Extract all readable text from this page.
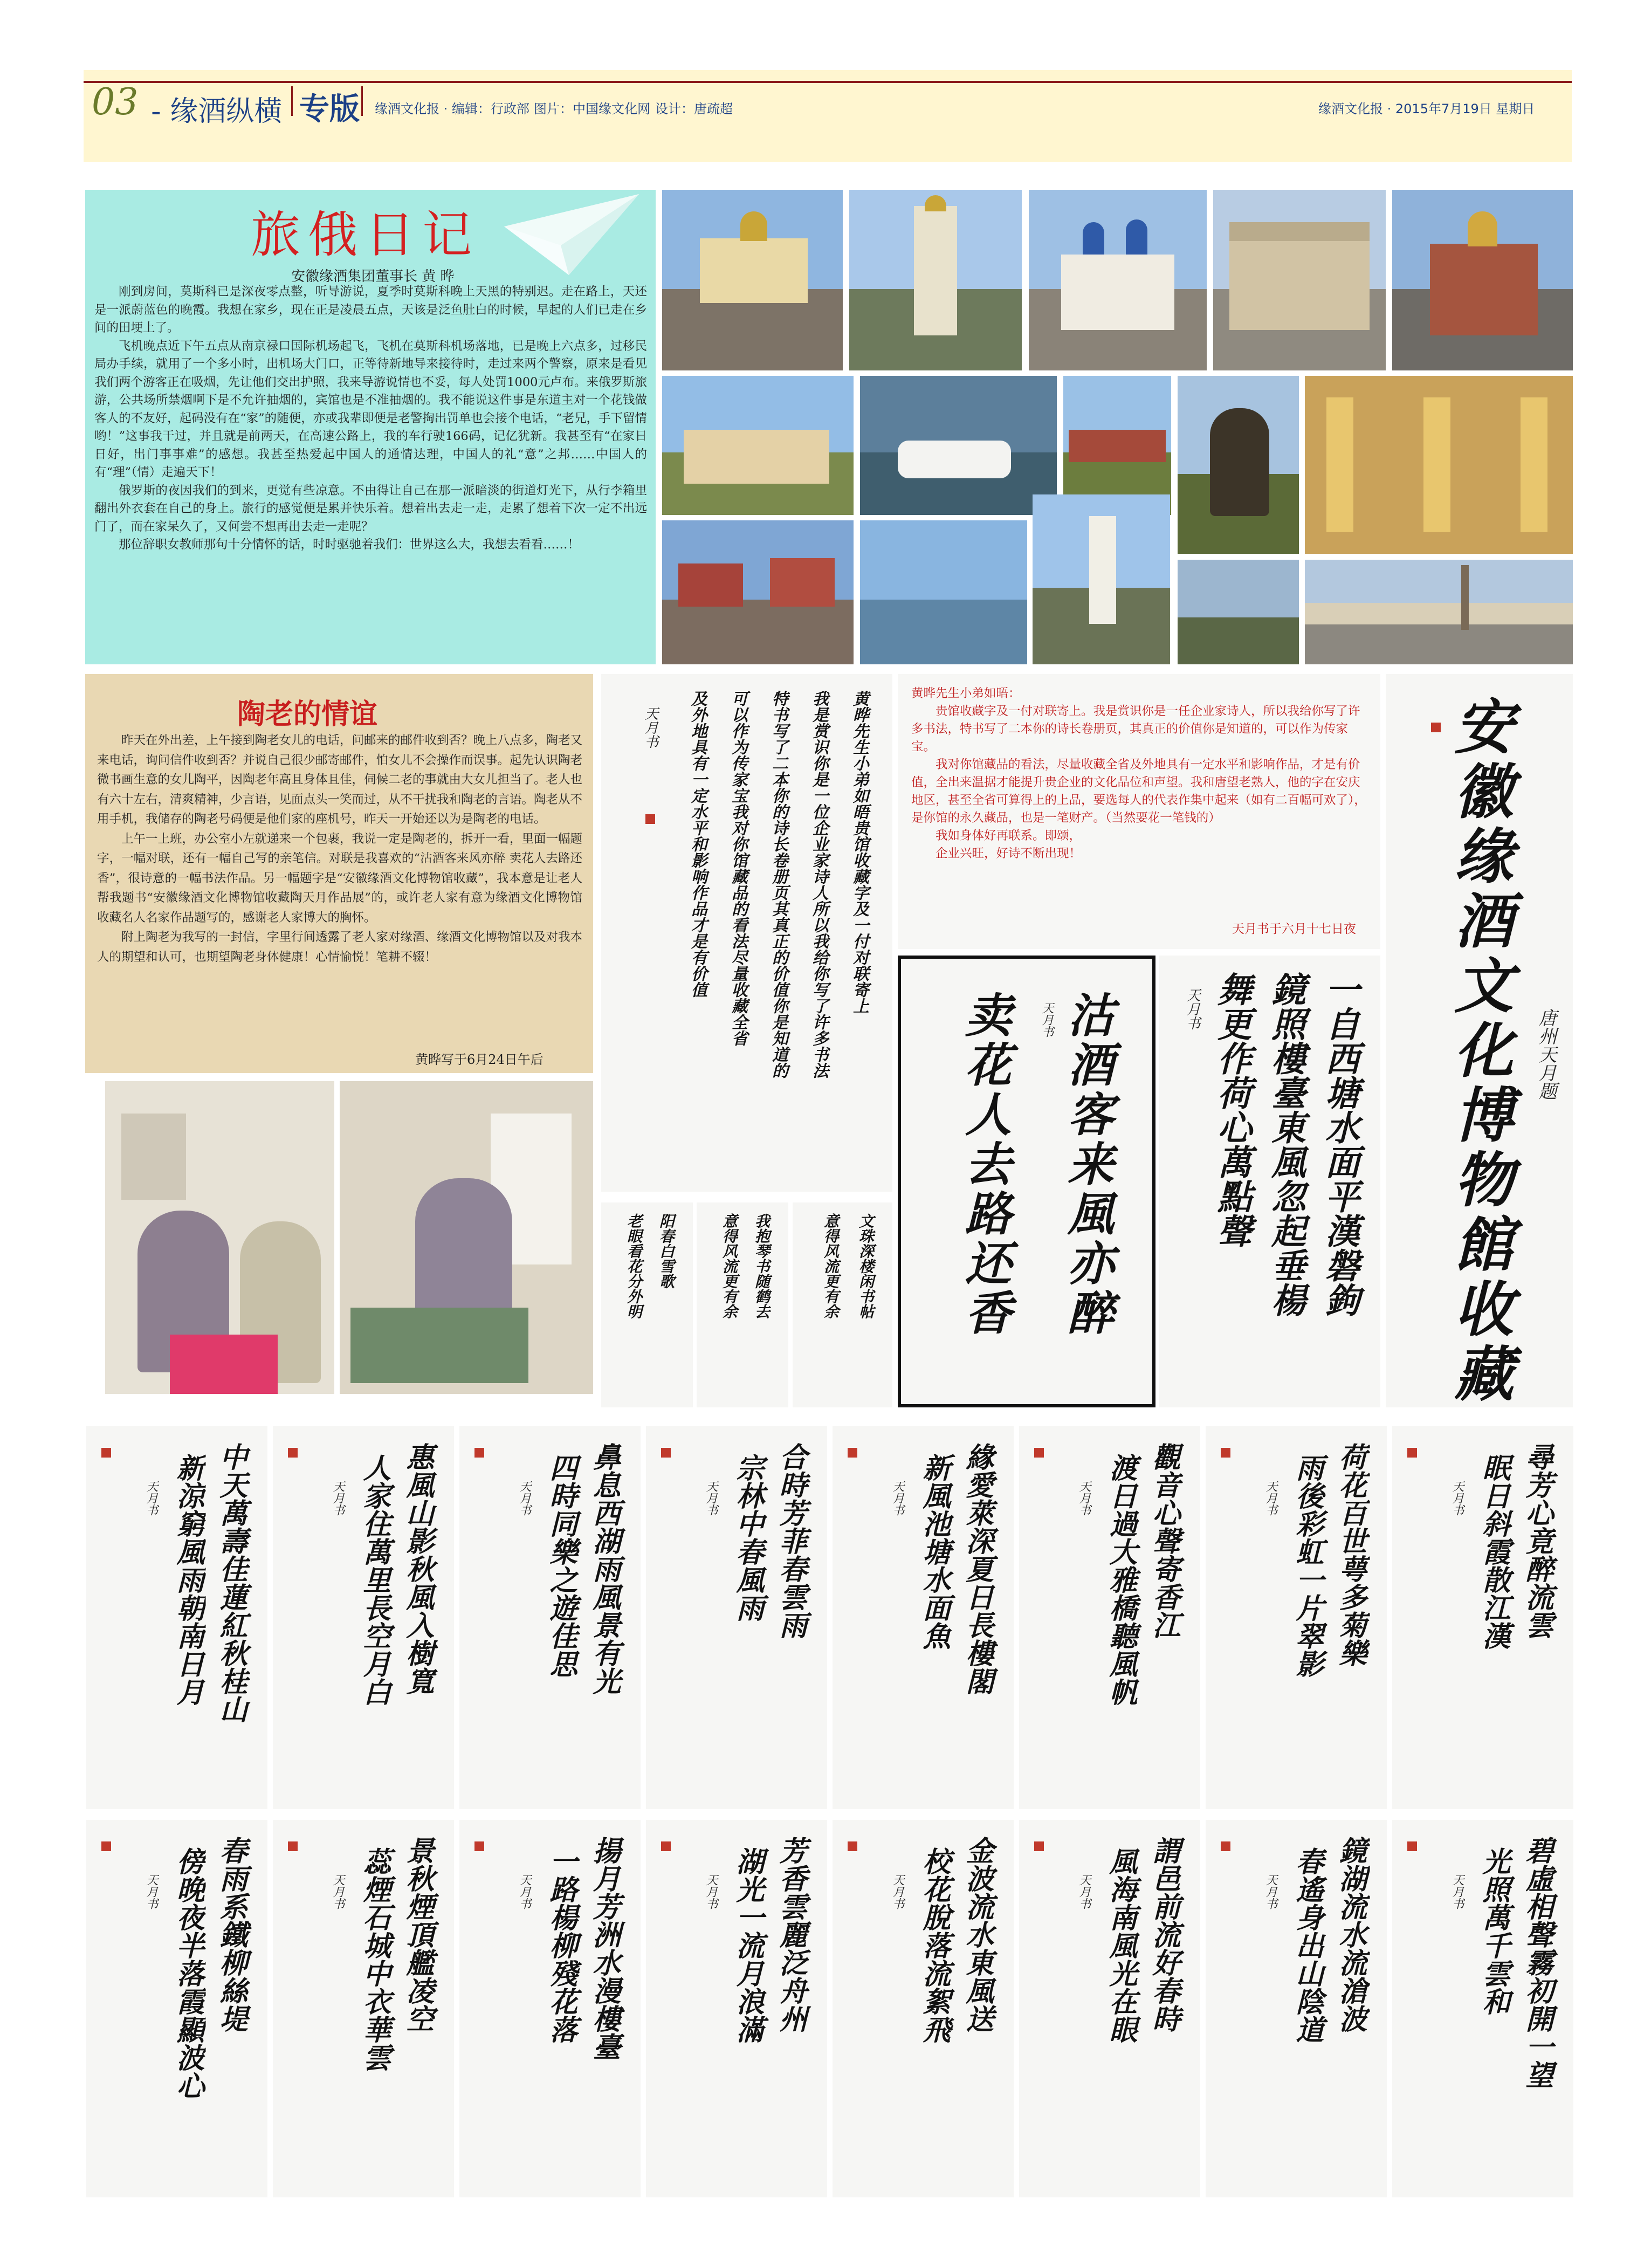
03 - 缘酒纵横 专版 缘酒文化报 · 编辑：行政部 图片：中国缘文化网 设计：唐疏超	缘酒文化报 · 2015年7月19日 星期日
旅俄日记
安徽缘酒集团董事长 黄 晔

刚到房间，莫斯科已是深夜零点整，听导游说，夏季时莫斯科晚上天黑的特别迟。走在路上，天还是一派蔚蓝色的晚霞。我想在家乡，现在正是凌晨五点，天该是泛鱼肚白的时候，早起的人们已走在乡间的田埂上了。

飞机晚点近下午五点从南京禄口国际机场起飞，飞机在莫斯科机场落地，已是晚上六点多，过移民局办手续，就用了一个多小时，出机场大门口，正等待新地导来接待时，走过来两个警察，原来是看见我们两个游客正在吸烟，先让他们交出护照，我来导游说情也不妥，每人处罚1000元卢布。来俄罗斯旅游，公共场所禁烟啊下是不允许抽烟的，宾馆也是不准抽烟的。我不能说这件事是东道主对一个花钱做客人的不友好，起码没有在“家”的随便，亦或我辈即便是老警掏出罚单也会接个电话，“老兄，手下留情哟！”这事我干过，并且就是前两天，在高速公路上，我的车行驶166码，记亿犹新。我甚至有“在家日日好，出门事事难”的感想。我甚至热爱起中国人的通情达理，中国人的礼“意”之邦……中国人的有“理”（情）走遍天下！

俄罗斯的夜因我们的到来，更觉有些凉意。不由得让自己在那一派暗淡的街道灯光下，从行李箱里翻出外衣套在自己的身上。旅行的感觉便是累并快乐着。想着出去走一走，走累了想着下次一定不出远门了，而在家呆久了，又何尝不想再出去走一走呢？

那位辞职女教师那句十分情怀的话，时时驱驰着我们：世界这么大，我想去看看……！

陶老的情谊

昨天在外出差，上午接到陶老女儿的电话，问邮来的邮件收到否？晚上八点多，陶老又来电话，询问信件收到否？并说自己很少邮寄邮件，怕女儿不会操作而误事。起先认识陶老微书画生意的女儿陶平，因陶老年高且身体且佳，伺候二老的事就由大女儿担当了。老人也有六十左右，清爽精神，少言语，见面点头一笑而过，从不干扰我和陶老的言语。陶老从不用手机，我储存的陶老号码便是他们家的座机号，昨天一开始还以为是陶老的电话。

上午一上班，办公室小左就递来一个包裹，我说一定是陶老的，拆开一看，里面一幅题字，一幅对联，还有一幅自己写的亲笔信。对联是我喜欢的“沽酒客来风亦醉 卖花人去路还香”，很诗意的一幅书法作品。另一幅题字是“安徽缘酒文化博物馆收藏”，我本意是让老人帮我题书“安徽缘酒文化博物馆收藏陶天月作品展”的，或许老人家有意为缘酒文化博物馆收藏名人名家作品题写的，感谢老人家博大的胸怀。

附上陶老为我写的一封信，字里行间透露了老人家对缘酒、缘酒文化博物馆以及对我本人的期望和认可，也期望陶老身体健康！心情愉悦！笔耕不辍！

黄晔写于6月24日午后
黄晔先生小弟如晤贵馆收藏字及一付对联寄上
我是赏识你是一位企业家诗人所以我给你写了许多书法
特书写了二本你的诗长卷册页其真正的价值你是知道的
可以作为传家宝我对你馆藏品的看法尽量收藏全省
及外地具有一定水平和影响作品才是有价值
天月书
阳春白雪歌
老眼看花分外明	我抱琴书随鹤去
意得风流更有余	文珠深楼闲书帖
意得风流更有余

黄晔先生小弟如晤：

贵馆收藏字及一付对联寄上。我是赏识你是一任企业家诗人，所以我给你写了许多书法，特书写了二本你的诗长卷册页，其真正的价值你是知道的，可以作为传家宝。

我对你馆藏品的看法，尽量收藏全省及外地具有一定水平和影响作品，才是有价值，全出来温据才能提升贵企业的文化品位和声望。我和唐望老熟人，他的字在安庆地区，甚至全省可算得上的上品，要选每人的代表作集中起来（如有二百幅可欢了），是你馆的永久藏品，也是一笔财产。（当然要花一笔钱的）

我如身体好再联系。即颂，

企业兴旺，好诗不断出现！

天月书于六月十七日夜
沽酒客来風亦醉
卖花人去路还香	天月书	一自西塘水面平漢磐鉤
鏡照樓臺東風忽起垂楊
舞更作荷心萬點聲
天月书	安徽缘酒文化博物館收藏	唐州天月题
中天萬壽佳蓮紅秋桂山
新涼窮風雨朝南日月
天月书	惠風山影秋風入樹寬
人家住萬里長空月白
天月书	鼻息西湖雨風景有光
四時同樂之遊佳思
天月书	合時芳菲春雲雨
宗林中春風雨
天月书	緣愛萊深夏日長樓閣
新風池塘水面魚
天月书	觀音心聲寄香江
渡日過大雅橋聽風帆
天月书	荷花百世萼多菊樂
雨後彩虹一片翠影
天月书	尋芳心竟醉流雲
眠日斜霞散江漢
天月书
春雨系鐵柳絲堤
傍晚夜半落霞顯波心
天月书	景秋煙頂艦凌空
蕊煙石城中衣華雲
天月书	揚月芳洲水漫樓臺
一路楊柳殘花落
天月书	芳香雲麗泛舟州
湖光一流月浪滿
天月书	金波流水東風送
校花脫落流絮飛
天月书	謂邑前流好春時
風海南風光在眼
天月书	鏡湖流水流滄波
春遙身出山陰道
天月书	碧虛相聲霧初開一望
光照萬千雲和
天月书
